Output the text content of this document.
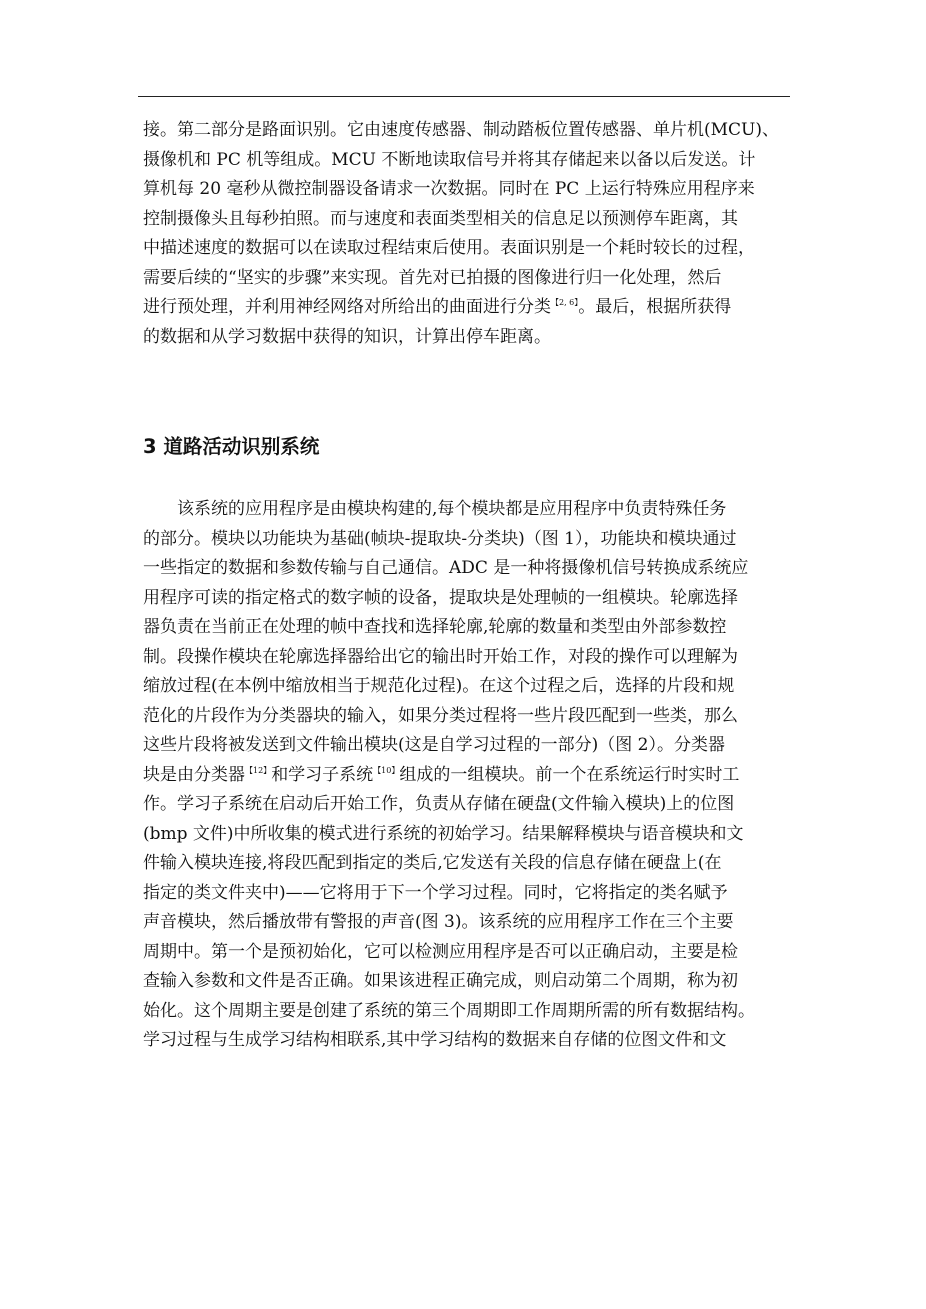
接。第二部分是路面识别。它由速度传感器、制动踏板位置传感器、单片机(MCU)、
摄像机和 PC 机等组成。MCU 不断地读取信号并将其存储起来以备以后发送。计
算机每 20 毫秒从微控制器设备请求一次数据。同时在 PC 上运行特殊应用程序来
控制摄像头且每秒拍照。而与速度和表面类型相关的信息足以预测停车距离，其
中描述速度的数据可以在读取过程结束后使用。表面识别是一个耗时较长的过程，
需要后续的“坚实的步骤”来实现。首先对已拍摄的图像进行归一化处理，然后
进行预处理，并利用神经网络对所给出的曲面进行分类$^{【2, 6】}$。最后，根据所获得
的数据和从学习数据中获得的知识，计算出停车距离。
3 道路活动识别系统
该系统的应用程序是由模块构建的,每个模块都是应用程序中负责特殊任务
的部分。模块以功能块为基础(帧块-提取块-分类块)（图 1），功能块和模块通过
一些指定的数据和参数传输与自己通信。ADC 是一种将摄像机信号转换成系统应
用程序可读的指定格式的数字帧的设备，提取块是处理帧的一组模块。轮廓选择
器负责在当前正在处理的帧中查找和选择轮廓,轮廓的数量和类型由外部参数控
制。段操作模块在轮廓选择器给出它的输出时开始工作，对段的操作可以理解为
缩放过程(在本例中缩放相当于规范化过程)。在这个过程之后，选择的片段和规
范化的片段作为分类器块的输入，如果分类过程将一些片段匹配到一些类，那么
这些片段将被发送到文件输出模块(这是自学习过程的一部分)（图 2）。分类器
块是由分类器$^{【12】}$和学习子系统$^{【10】}$组成的一组模块。前一个在系统运行时实时工
作。学习子系统在启动后开始工作，负责从存储在硬盘(文件输入模块)上的位图
(bmp 文件)中所收集的模式进行系统的初始学习。结果解释模块与语音模块和文
件输入模块连接,将段匹配到指定的类后,它发送有关段的信息存储在硬盘上(在
指定的类文件夹中)——它将用于下一个学习过程。同时，它将指定的类名赋予
声音模块，然后播放带有警报的声音(图 3)。该系统的应用程序工作在三个主要
周期中。第一个是预初始化，它可以检测应用程序是否可以正确启动，主要是检
查输入参数和文件是否正确。如果该进程正确完成，则启动第二个周期，称为初
始化。这个周期主要是创建了系统的第三个周期即工作周期所需的所有数据结构。
学习过程与生成学习结构相联系,其中学习结构的数据来自存储的位图文件和文
